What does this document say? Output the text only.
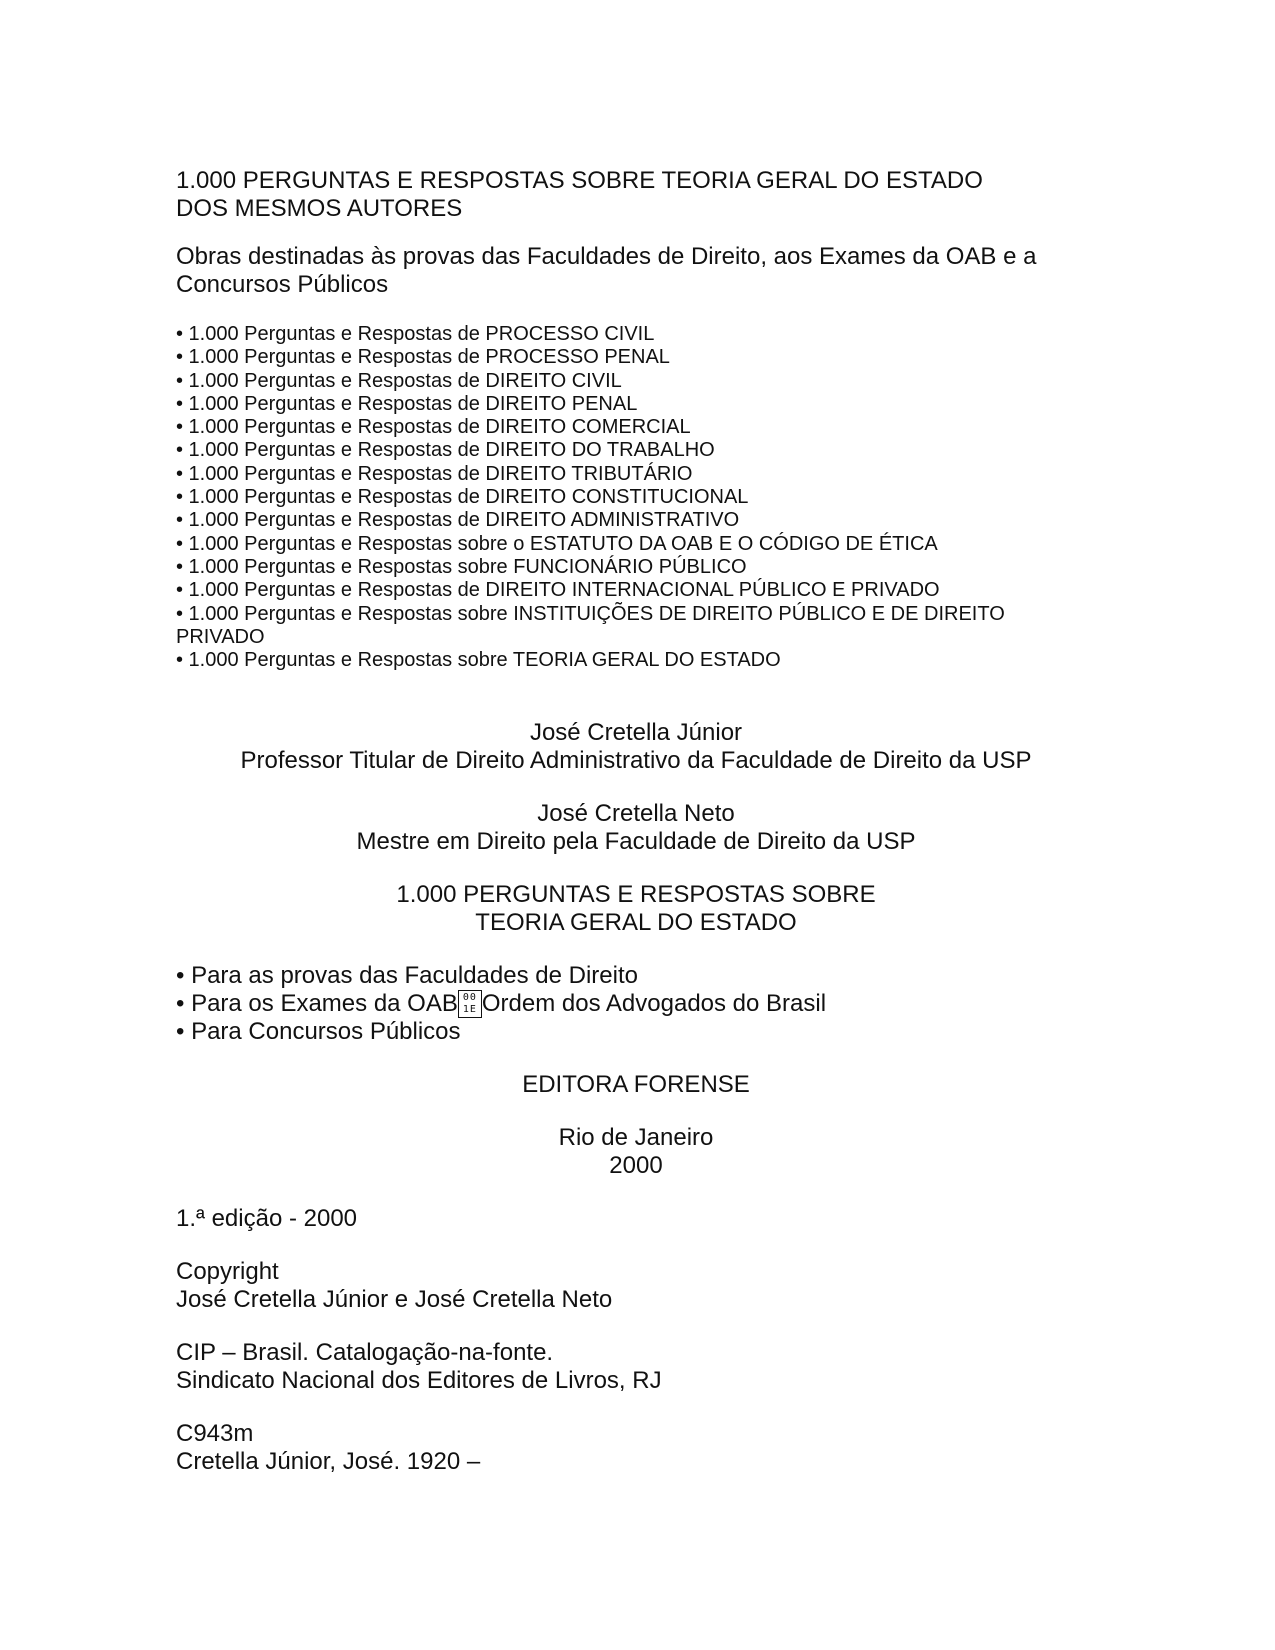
1.000 PERGUNTAS E RESPOSTAS SOBRE TEORIA GERAL DO ESTADO
DOS MESMOS AUTORES
Obras destinadas às provas das Faculdades de Direito, aos Exames da OAB e a Concursos Públicos
• 1.000 Perguntas e Respostas de PROCESSO CIVIL
• 1.000 Perguntas e Respostas de PROCESSO PENAL
• 1.000 Perguntas e Respostas de DIREITO CIVIL
• 1.000 Perguntas e Respostas de DIREITO PENAL
• 1.000 Perguntas e Respostas de DIREITO COMERCIAL
• 1.000 Perguntas e Respostas de DIREITO DO TRABALHO
• 1.000 Perguntas e Respostas de DIREITO TRIBUTÁRIO
• 1.000 Perguntas e Respostas de DIREITO CONSTITUCIONAL
• 1.000 Perguntas e Respostas de DIREITO ADMINISTRATIVO
• 1.000 Perguntas e Respostas sobre o ESTATUTO DA OAB E O CÓDIGO DE ÉTICA
• 1.000 Perguntas e Respostas sobre FUNCIONÁRIO PÚBLICO
• 1.000 Perguntas e Respostas de DIREITO INTERNACIONAL PÚBLICO E PRIVADO
• 1.000 Perguntas e Respostas sobre INSTITUIÇÕES DE DIREITO PÚBLICO E DE DIREITO PRIVADO
• 1.000 Perguntas e Respostas sobre TEORIA GERAL DO ESTADO
José Cretella Júnior
Professor Titular de Direito Administrativo da Faculdade de Direito da USP
José Cretella Neto
Mestre em Direito pela Faculdade de Direito da USP
1.000 PERGUNTAS E RESPOSTAS SOBRE
TEORIA GERAL DO ESTADO
• Para as provas das Faculdades de Direito
• Para os Exames da OAB 00
1E Ordem dos Advogados do Brasil
• Para Concursos Públicos
EDITORA FORENSE
Rio de Janeiro
2000
1.ª edição - 2000
Copyright
José Cretella Júnior e José Cretella Neto
CIP – Brasil. Catalogação-na-fonte.
Sindicato Nacional dos Editores de Livros, RJ
C943m
Cretella Júnior, José. 1920 –
